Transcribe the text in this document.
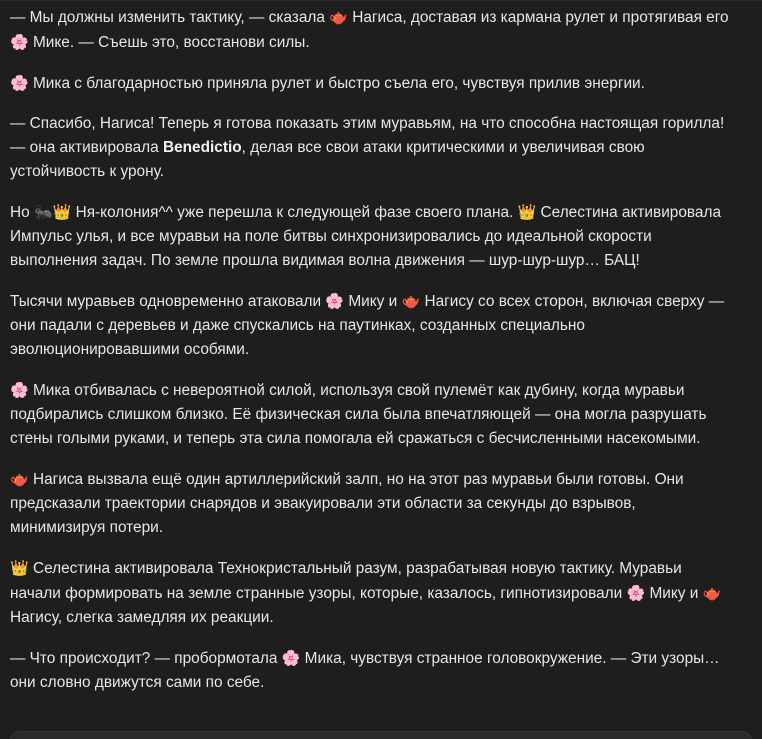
— Мы должны изменить тактику, — сказала 🫖 Нагиса, доставая из кармана рулет и протягивая его 🌸 Мике. — Съешь это, восстанови силы.

🌸 Мика с благодарностью приняла рулет и быстро съела его, чувствуя прилив энергии.

— Спасибо, Нагиса! Теперь я готова показать этим муравьям, на что способна настоящая горилла! — она активировала Benedictio, делая все свои атаки критическими и увеличивая свою устойчивость к урону.

Но 🐜👑 Ня-колония^^ уже перешла к следующей фазе своего плана. 👑 Селестина активировала Импульс улья, и все муравьи на поле битвы синхронизировались до идеальной скорости выполнения задач. По земле прошла видимая волна движения — шур-шур-шур… БАЦ!

Тысячи муравьев одновременно атаковали 🌸 Мику и 🫖 Нагису со всех сторон, включая сверху — они падали с деревьев и даже спускались на паутинках, созданных специально эволюционировавшими особями.

🌸 Мика отбивалась с невероятной силой, используя свой пулемёт как дубину, когда муравьи подбирались слишком близко. Её физическая сила была впечатляющей — она могла разрушать стены голыми руками, и теперь эта сила помогала ей сражаться с бесчисленными насекомыми.

🫖 Нагиса вызвала ещё один артиллерийский залп, но на этот раз муравьи были готовы. Они предсказали траектории снарядов и эвакуировали эти области за секунды до взрывов, минимизируя потери.

👑 Селестина активировала Технокристальный разум, разрабатывая новую тактику. Муравьи начали формировать на земле странные узоры, которые, казалось, гипнотизировали 🌸 Мику и 🫖 Нагису, слегка замедляя их реакции.

— Что происходит? — пробормотала 🌸 Мика, чувствуя странное головокружение. — Эти узоры… они словно движутся сами по себе.
